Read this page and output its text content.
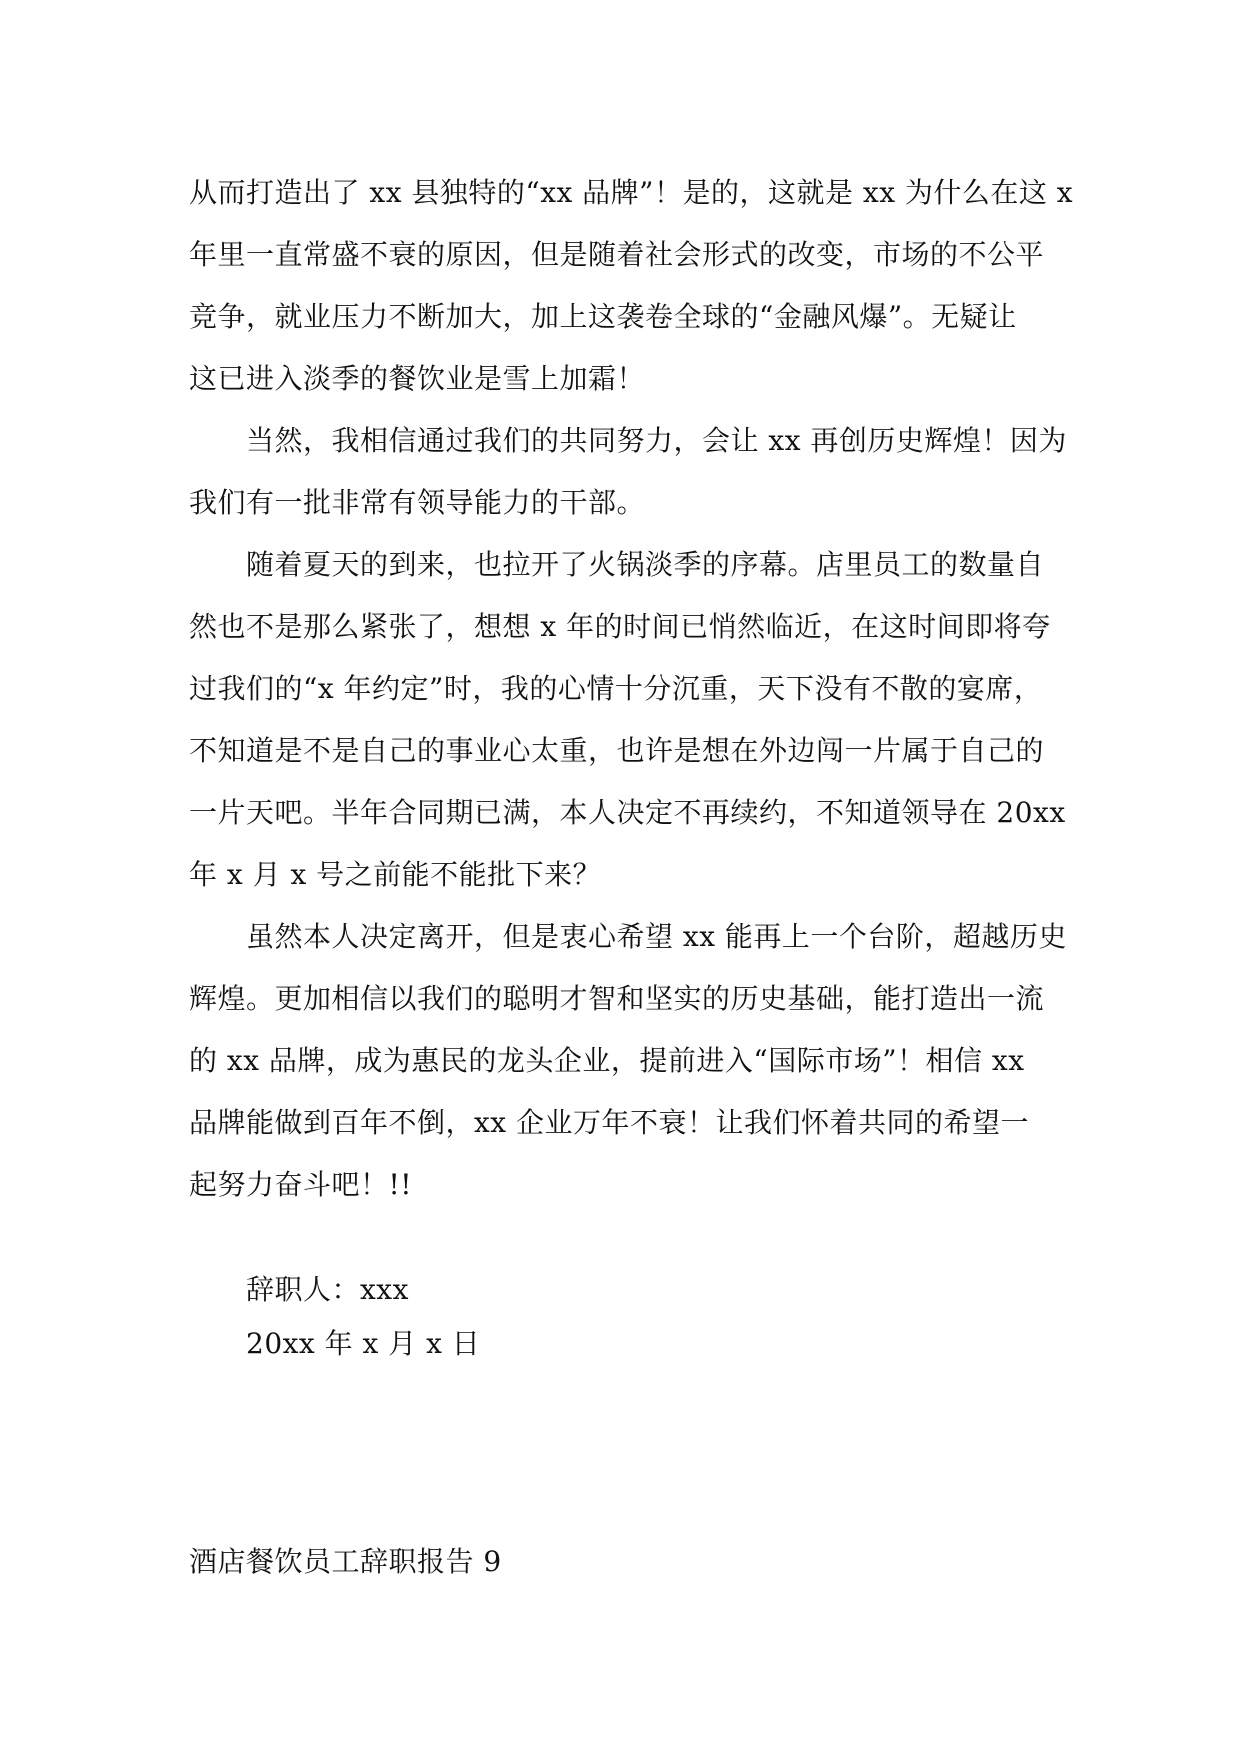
从而打造出了 xx 县独特的“xx 品牌”！是的，这就是 xx 为什么在这 x
年里一直常盛不衰的原因，但是随着社会形式的改变，市场的不公平
竞争，就业压力不断加大，加上这袭卷全球的“金融风爆”。无疑让
这已进入淡季的餐饮业是雪上加霜！
　　当然，我相信通过我们的共同努力，会让 xx 再创历史辉煌！因为
我们有一批非常有领导能力的干部。
　　随着夏天的到来，也拉开了火锅淡季的序幕。店里员工的数量自
然也不是那么紧张了，想想 x 年的时间已悄然临近，在这时间即将夸
过我们的“x 年约定”时，我的心情十分沉重，天下没有不散的宴席，
不知道是不是自己的事业心太重，也许是想在外边闯一片属于自己的
一片天吧。半年合同期已满，本人决定不再续约，不知道领导在 20xx
年 x 月 x 号之前能不能批下来？
　　虽然本人决定离开，但是衷心希望 xx 能再上一个台阶，超越历史
辉煌。更加相信以我们的聪明才智和坚实的历史基础，能打造出一流
的 xx 品牌，成为惠民的龙头企业，提前进入“国际市场”！相信 xx
品牌能做到百年不倒，xx 企业万年不衰！让我们怀着共同的希望一
起努力奋斗吧！!!
辞职人：xxx
20xx 年 x 月 x 日
酒店餐饮员工辞职报告 9
